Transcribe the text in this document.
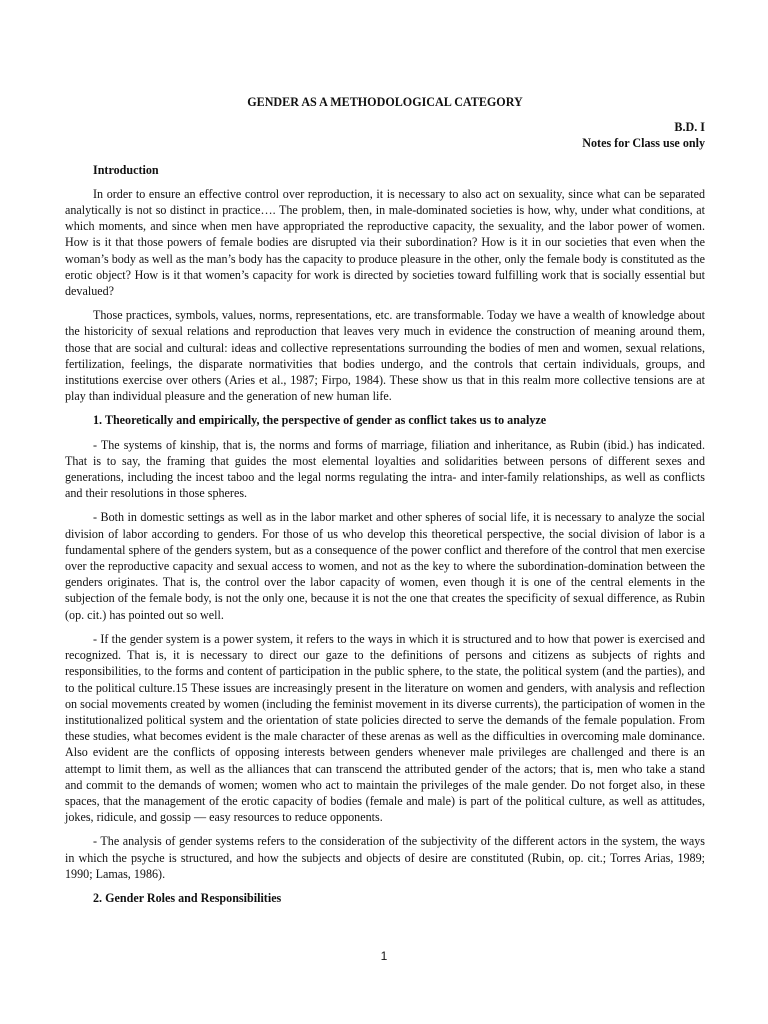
GENDER AS A METHODOLOGICAL CATEGORY
B.D. I
Notes for Class use only
Introduction

In order to ensure an effective control over reproduction, it is necessary to also act on sexuality, since what can be separated analytically is not so distinct in practice…. The problem, then, in male-dominated societies is how, why, under what conditions, at which moments, and since when men have appropriated the reproductive capacity, the sexuality, and the labor power of women. How is it that those powers of female bodies are disrupted via their subordination? How is it in our societies that even when the woman’s body as well as the man’s body has the capacity to produce pleasure in the other, only the female body is constituted as the erotic object? How is it that women’s capacity for work is directed by societies toward fulfilling work that is socially essential but devalued?

Those practices, symbols, values, norms, representations, etc. are transformable. Today we have a wealth of knowledge about the historicity of sexual relations and reproduction that leaves very much in evidence the construction of meaning around them, those that are social and cultural: ideas and collective representations surrounding the bodies of men and women, sexual relations, fertilization, feelings, the disparate normativities that bodies undergo, and the controls that certain individuals, groups, and institutions exercise over others (Aries et al., 1987; Firpo, 1984). These show us that in this realm more collective tensions are at play than individual pleasure and the generation of new human life.

1. Theoretically and empirically, the perspective of gender as conflict takes us to analyze

- The systems of kinship, that is, the norms and forms of marriage, filiation and inheritance, as Rubin (ibid.) has indicated. That is to say, the framing that guides the most elemental loyalties and solidarities between persons of different sexes and generations, including the incest taboo and the legal norms regulating the intra- and inter-family relationships, as well as conflicts and their resolutions in those spheres.

- Both in domestic settings as well as in the labor market and other spheres of social life, it is necessary to analyze the social division of labor according to genders. For those of us who develop this theoretical perspective, the social division of labor is a fundamental sphere of the genders system, but as a consequence of the power conflict and therefore of the control that men exercise over the reproductive capacity and sexual access to women, and not as the key to where the subordination-domination between the genders originates. That is, the control over the labor capacity of women, even though it is one of the central elements in the subjection of the female body, is not the only one, because it is not the one that creates the specificity of sexual difference, as Rubin (op. cit.) has pointed out so well.

- If the gender system is a power system, it refers to the ways in which it is structured and to how that power is exercised and recognized. That is, it is necessary to direct our gaze to the definitions of persons and citizens as subjects of rights and responsibilities, to the forms and content of participation in the public sphere, to the state, the political system (and the parties), and to the political culture.15 These issues are increasingly present in the literature on women and genders, with analysis and reflection on social movements created by women (including the feminist movement in its diverse currents), the participation of women in the institutionalized political system and the orientation of state policies directed to serve the demands of the female population. From these studies, what becomes evident is the male character of these arenas as well as the difficulties in overcoming male dominance. Also evident are the conflicts of opposing interests between genders whenever male privileges are challenged and there is an attempt to limit them, as well as the alliances that can transcend the attributed gender of the actors; that is, men who take a stand and commit to the demands of women; women who act to maintain the privileges of the male gender. Do not forget also, in these spaces, that the management of the erotic capacity of bodies (female and male) is part of the political culture, as well as attitudes, jokes, ridicule, and gossip — easy resources to reduce opponents.

- The analysis of gender systems refers to the consideration of the subjectivity of the different actors in the system, the ways in which the psyche is structured, and how the subjects and objects of desire are constituted (Rubin, op. cit.; Torres Arias, 1989; 1990; Lamas, 1986).

2. Gender Roles and Responsibilities
1
